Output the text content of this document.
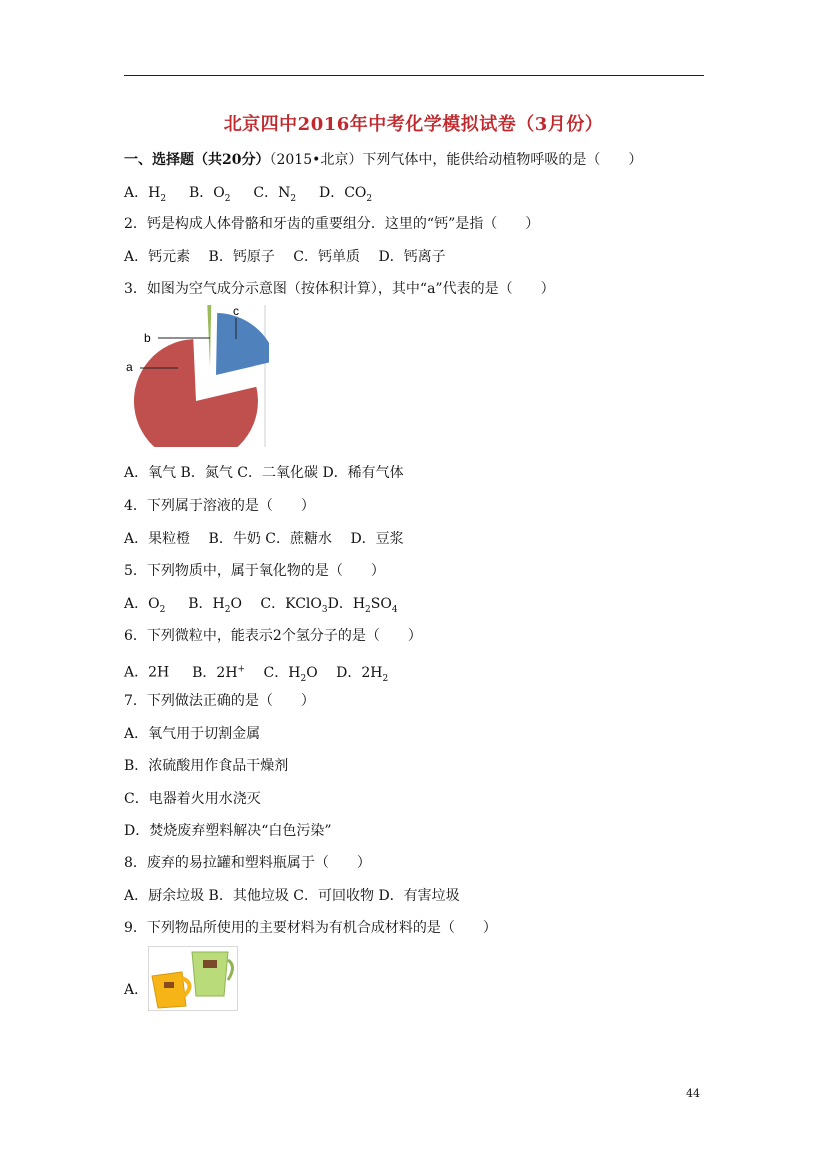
北京四中2016年中考化学模拟试卷（3月份）
一、选择题（共20分）（2015•北京）下列气体中，能供给动植物呼吸的是（　　）
A．$H_2$　 B．$O_2$　 C．$N_2$　 D．$CO_2$
2．钙是构成人体骨骼和牙齿的重要组分．这里的“钙”是指（　　）
A．钙元素　 B．钙原子　 C．钙单质　 D．钙离子
3．如图为空气成分示意图（按体积计算），其中“a”代表的是（　　）
a
b
c
A．氧气 B．氮气 C．二氧化碳 D．稀有气体
4．下列属于溶液的是（　　）
A．果粒橙　 B．牛奶 C．蔗糖水　 D．豆浆
5．下列物质中，属于氧化物的是（　　）
A．$O_2$　 B．$H_2O$　 C．KClO$_3$D．$H_2SO_4$
6．下列微粒中，能表示2个氢分子的是（　　）
A．2H　 B．2H+　 C．$H_2O$　 D．$2H_2$
7．下列做法正确的是（　　）
A．氧气用于切割金属
B．浓硫酸用作食品干燥剂
C．电器着火用水浇灭
D．焚烧废弃塑料解决“白色污染”
8．废弃的易拉罐和塑料瓶属于（　　）
A．厨余垃圾 B．其他垃圾 C．可回收物 D．有害垃圾
9．下列物品所使用的主要材料为有机合成材料的是（　　）
A．
44
